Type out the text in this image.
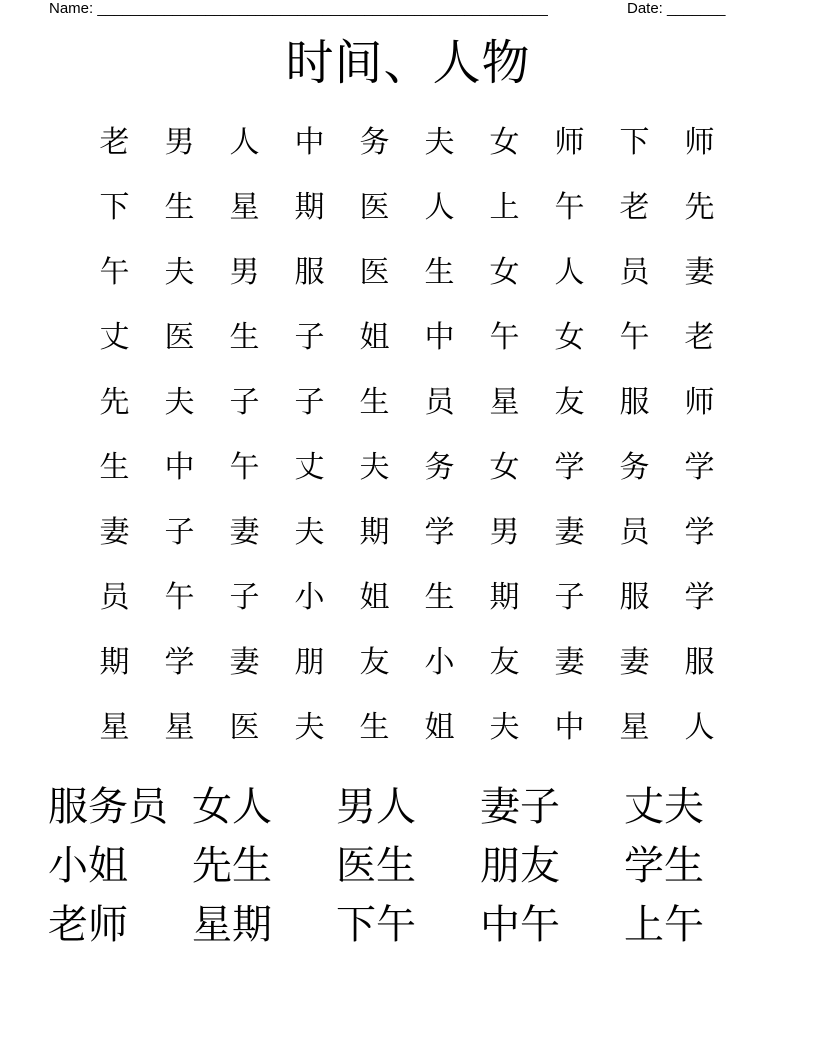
Name: ______________________________________________________	Date: _______
时间、人物
老	男	人	中	务	夫	女	师	下	师
下	生	星	期	医	人	上	午	老	先
午	夫	男	服	医	生	女	人	员	妻
丈	医	生	子	姐	中	午	女	午	老
先	夫	子	子	生	员	星	友	服	师
生	中	午	丈	夫	务	女	学	务	学
妻	子	妻	夫	期	学	男	妻	员	学
员	午	子	小	姐	生	期	子	服	学
期	学	妻	朋	友	小	友	妻	妻	服
星	星	医	夫	生	姐	夫	中	星	人
服务员 女人	男人	妻子	丈夫
小姐	先生	医生	朋友	学生
老师	星期	下午	中午	上午
